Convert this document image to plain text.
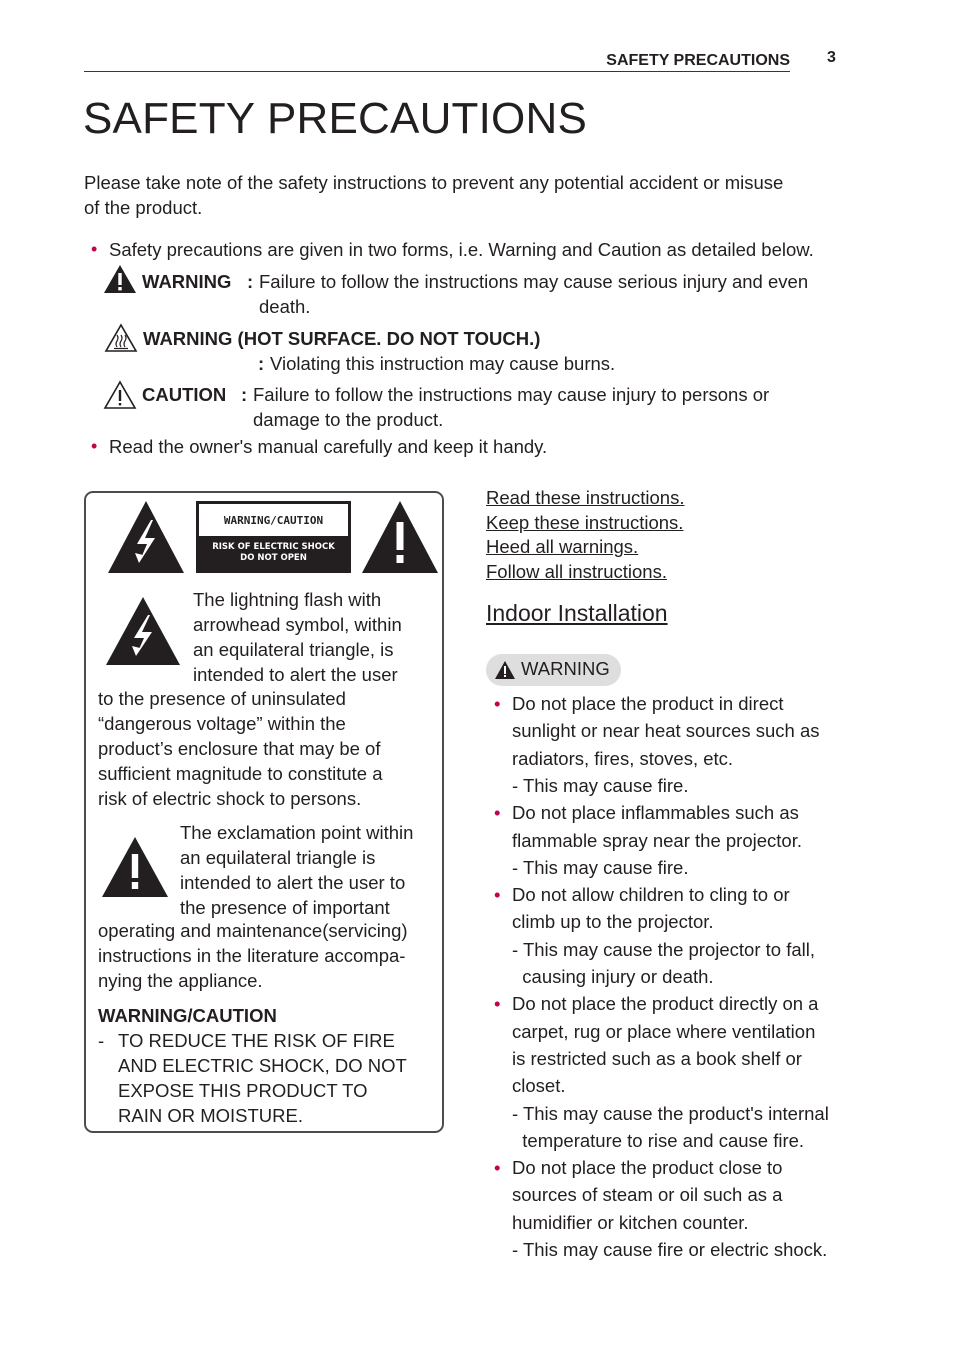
SAFETY PRECAUTIONS 3
SAFETY PRECAUTIONS
Please take note of the safety instructions to prevent any potential accident or misuse
of the product.
• Safety precautions are given in two forms, i.e. Warning and Caution as detailed below.
WARNING : Failure to follow the instructions may cause serious injury and even
death.
WARNING (HOT SURFACE. DO NOT TOUCH.)
: Violating this instruction may cause burns.
CAUTION : Failure to follow the instructions may cause injury to persons or
damage to the product.
• Read the owner's manual carefully and keep it handy.
WARNING/CAUTION
RISK OF ELECTRIC SHOCK
DO NOT OPEN
The lightning flash with
arrowhead symbol, within
an equilateral triangle, is
intended to alert the user
to the presence of uninsulated
“dangerous voltage” within the
product’s enclosure that may be of
sufficient magnitude to constitute a
risk of electric shock to persons.
The exclamation point within
an equilateral triangle is
intended to alert the user to
the presence of important
operating and maintenance(servicing)
instructions in the literature accompa-
nying the appliance.
WARNING/CAUTION
- TO REDUCE THE RISK OF FIRE
AND ELECTRIC SHOCK, DO NOT
EXPOSE THIS PRODUCT TO
RAIN OR MOISTURE.
Read these instructions.
Keep these instructions.
Heed all warnings.
Follow all instructions.
Indoor Installation
WARNING
• Do not place the product in direct
sunlight or near heat sources such as
radiators, fires, stoves, etc.
- This may cause fire.
• Do not place inflammables such as
flammable spray near the projector.
- This may cause fire.
• Do not allow children to cling to or
climb up to the projector.
- This may cause the projector to fall,
causing injury or death.
• Do not place the product directly on a
carpet, rug or place where ventilation
is restricted such as a book shelf or
closet.
- This may cause the product's internal
temperature to rise and cause fire.
• Do not place the product close to
sources of steam or oil such as a
humidifier or kitchen counter.
- This may cause fire or electric shock.
